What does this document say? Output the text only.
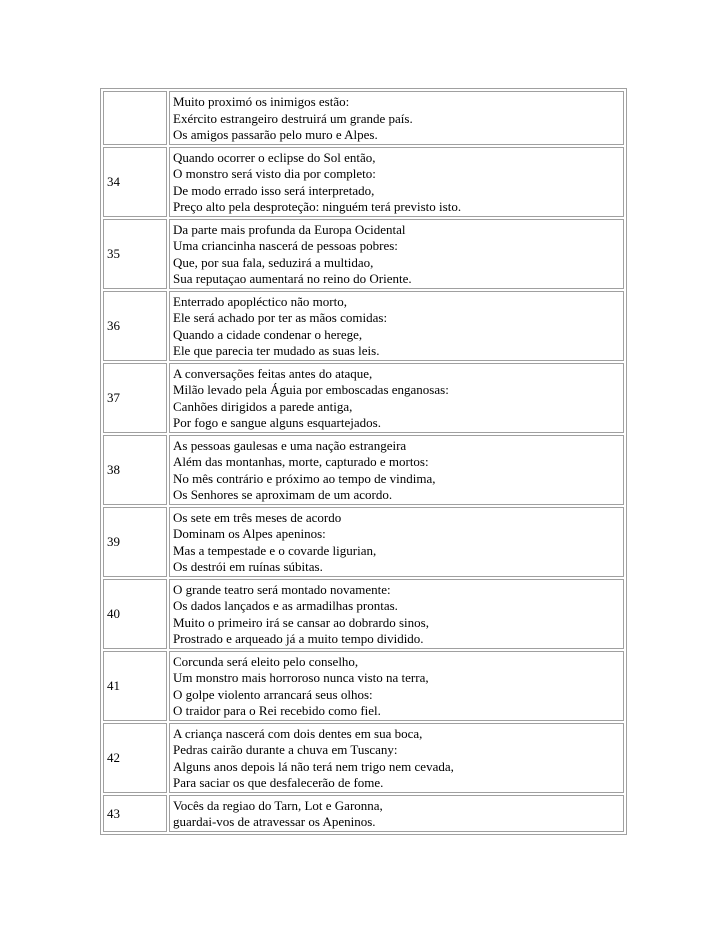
	Muito proximó os inimigos estão:
Exército estrangeiro destruirá um grande país.
Os amigos passarão pelo muro e Alpes.

34	Quando ocorrer o eclipse do Sol então,
O monstro será visto dia por completo:
De modo errado isso será interpretado,
Preço alto pela desproteção: ninguém terá previsto isto.

35	Da parte mais profunda da Europa Ocidental
Uma criancinha nascerá de pessoas pobres:
Que, por sua fala, seduzirá a multidao,
Sua reputaçao aumentará no reino do Oriente.

36	Enterrado apopléctico não morto,
Ele será achado por ter as mãos comidas:
Quando a cidade condenar o herege,
Ele que parecia ter mudado as suas leis.

37	A conversações feitas antes do ataque,
Milão levado pela Águia por emboscadas enganosas:
Canhões dirigidos a parede antiga,
Por fogo e sangue alguns esquartejados.

38	As pessoas gaulesas e uma nação estrangeira
Além das montanhas, morte, capturado e mortos:
No mês contrário e próximo ao tempo de vindima,
Os Senhores se aproximam de um acordo.

39	Os sete em três meses de acordo
Dominam os Alpes apeninos:
Mas a tempestade e o covarde ligurian,
Os destrói em ruínas súbitas.

40	O grande teatro será montado novamente:
Os dados lançados e as armadilhas prontas.
Muito o primeiro irá se cansar ao dobrardo sinos,
Prostrado e arqueado já a muito tempo dividido.

41	Corcunda será eleito pelo conselho,
Um monstro mais horroroso nunca visto na terra,
O golpe violento arrancará seus olhos:
O traidor para o Rei recebido como fiel.

42	A criança nascerá com dois dentes em sua boca,
Pedras cairão durante a chuva em Tuscany:
Alguns anos depois lá não terá nem trigo nem cevada,
Para saciar os que desfalecerão de fome.

43	Vocês da regiao do Tarn, Lot e Garonna,
guardai-vos de atravessar os Apeninos.
